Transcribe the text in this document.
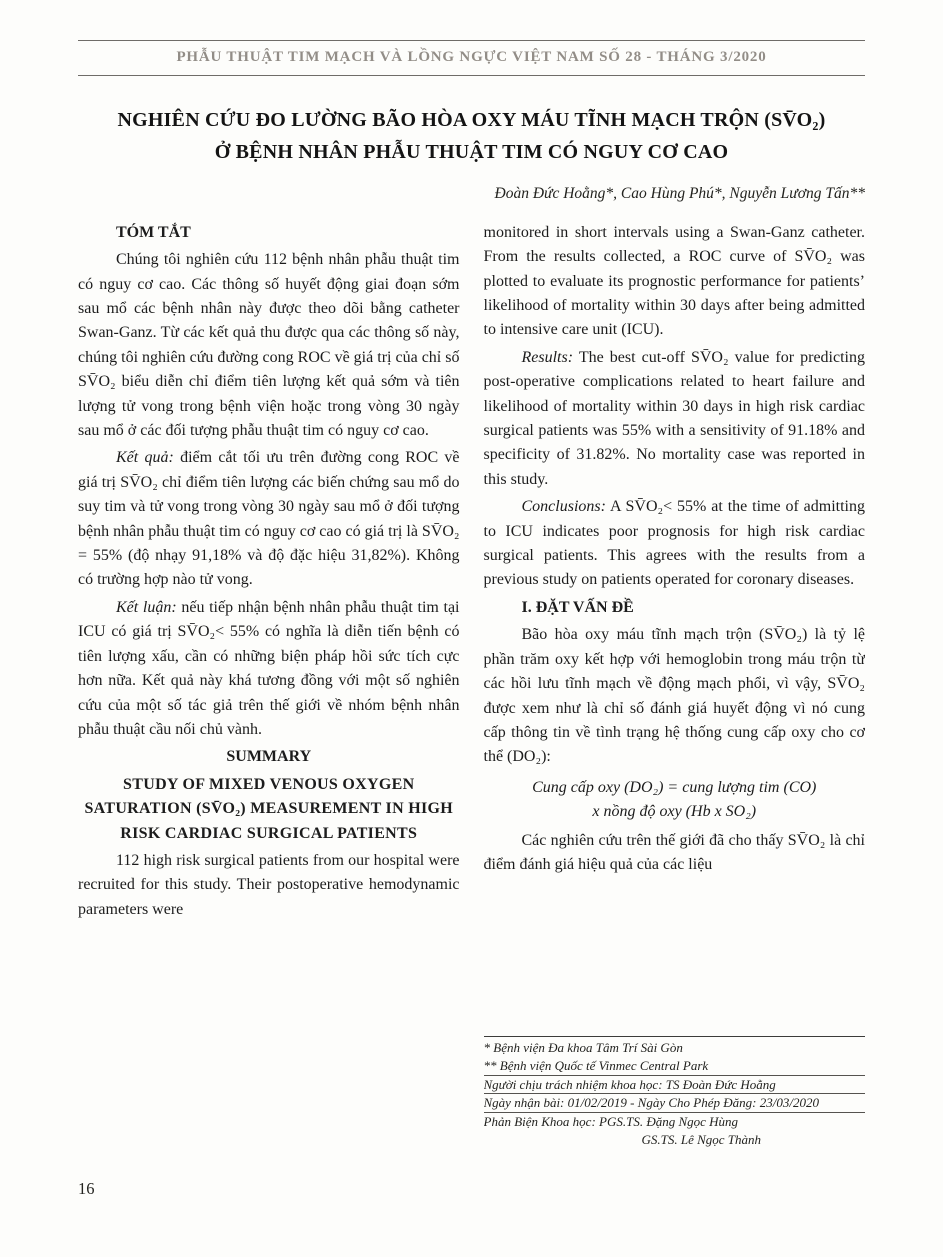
PHẪU THUẬT TIM MẠCH VÀ LỒNG NGỰC VIỆT NAM SỐ 28 - THÁNG 3/2020
NGHIÊN CỨU ĐO LƯỜNG BÃO HÒA OXY MÁU TĨNH MẠCH TRỘN (SV̄O₂)
Ở BỆNH NHÂN PHẪU THUẬT TIM CÓ NGUY CƠ CAO
Đoàn Đức Hoằng*, Cao Hùng Phú*, Nguyễn Lương Tấn**

TÓM TẮT

Chúng tôi nghiên cứu 112 bệnh nhân phẫu thuật tim có nguy cơ cao. Các thông số huyết động giai đoạn sớm sau mổ các bệnh nhân này được theo dõi bằng catheter Swan-Ganz. Từ các kết quả thu được qua các thông số này, chúng tôi nghiên cứu đường cong ROC về giá trị của chỉ số SV̄O₂ biểu diễn chỉ điểm tiên lượng kết quả sớm và tiên lượng tử vong trong bệnh viện hoặc trong vòng 30 ngày sau mổ ở các đối tượng phẫu thuật tim có nguy cơ cao.

Kết quả: điểm cắt tối ưu trên đường cong ROC về giá trị SV̄O₂ chỉ điểm tiên lượng các biến chứng sau mổ do suy tim và tử vong trong vòng 30 ngày sau mổ ở đối tượng bệnh nhân phẫu thuật tim có nguy cơ cao có giá trị là SV̄O₂ = 55% (độ nhạy 91,18% và độ đặc hiệu 31,82%). Không có trường hợp nào tử vong.

Kết luận: nếu tiếp nhận bệnh nhân phẫu thuật tim tại ICU có giá trị SV̄O₂< 55% có nghĩa là diễn tiến bệnh có tiên lượng xấu, cần có những biện pháp hồi sức tích cực hơn nữa. Kết quả này khá tương đồng với một số nghiên cứu của một số tác giả trên thế giới về nhóm bệnh nhân phẫu thuật cầu nối chủ vành.

SUMMARY

STUDY OF MIXED VENOUS OXYGEN SATURATION (SV̄O₂) MEASUREMENT IN HIGH RISK CARDIAC SURGICAL PATIENTS

112 high risk surgical patients from our hospital were recruited for this study. Their postoperative hemodynamic parameters were

monitored in short intervals using a Swan-Ganz catheter. From the results collected, a ROC curve of SV̄O₂ was plotted to evaluate its prognostic performance for patients’ likelihood of mortality within 30 days after being admitted to intensive care unit (ICU).

Results: The best cut-off SV̄O₂ value for predicting post-operative complications related to heart failure and likelihood of mortality within 30 days in high risk cardiac surgical patients was 55% with a sensitivity of 91.18% and specificity of 31.82%. No mortality case was reported in this study.

Conclusions: A SV̄O₂< 55% at the time of admitting to ICU indicates poor prognosis for high risk cardiac surgical patients. This agrees with the results from a previous study on patients operated for coronary diseases.

I. ĐẶT VẤN ĐỀ

Bão hòa oxy máu tĩnh mạch trộn (SV̄O₂) là tỷ lệ phần trăm oxy kết hợp với hemoglobin trong máu trộn từ các hồi lưu tĩnh mạch về động mạch phổi, vì vậy, SV̄O₂ được xem như là chỉ số đánh giá huyết động vì nó cung cấp thông tin về tình trạng hệ thống cung cấp oxy cho cơ thể (DO₂):

Cung cấp oxy (DO₂) = cung lượng tim (CO)
x nồng độ oxy (Hb x SO₂)

Các nghiên cứu trên thế giới đã cho thấy SV̄O₂ là chỉ điểm đánh giá hiệu quả của các liệu

* Bệnh viện Đa khoa Tâm Trí Sài Gòn
** Bệnh viện Quốc tế Vinmec Central Park
Người chịu trách nhiệm khoa học: TS Đoàn Đức Hoằng
Ngày nhận bài: 01/02/2019 - Ngày Cho Phép Đăng: 23/03/2020
Phản Biện Khoa học: PGS.TS. Đặng Ngọc Hùng
GS.TS. Lê Ngọc Thành
16
